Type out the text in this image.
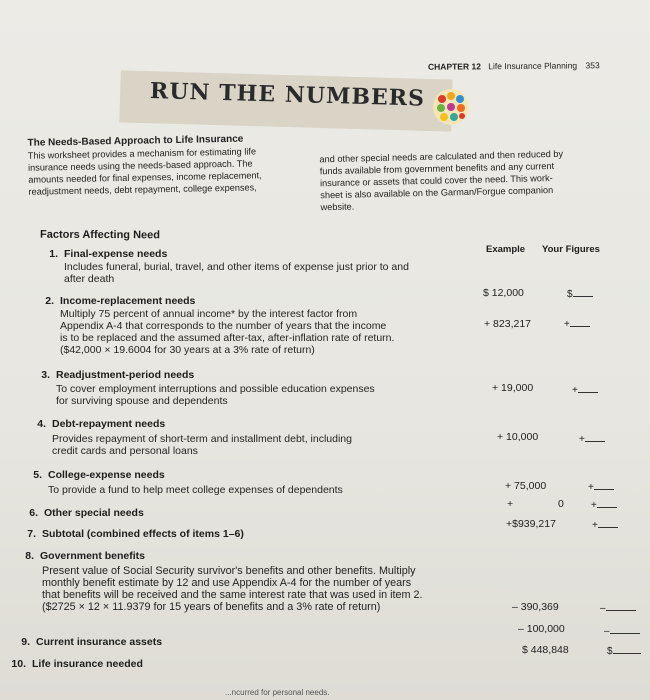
CHAPTER 12 Life Insurance Planning 353
RUN THE NUMBERS
The Needs-Based Approach to Life Insurance
This worksheet provides a mechanism for estimating life
insurance needs using the needs-based approach. The
amounts needed for final expenses, income replacement,
readjustment needs, debt repayment, college expenses,
and other special needs are calculated and then reduced by
funds available from government benefits and any current
insurance or assets that could cover the need. This work-
sheet is also available on the Garman/Forgue companion
website.
Factors Affecting Need
Example Your Figures
1. Final-expense needs
Includes funeral, burial, travel, and other items of expense just prior to and
after death
$ 12,000	$
2. Income-replacement needs
Multiply 75 percent of annual income* by the interest factor from
Appendix A-4 that corresponds to the number of years that the income
is to be replaced and the assumed after-tax, after-inflation rate of return.
($42,000 × 19.6004 for 30 years at a 3% rate of return)
+ 823,217	+
3. Readjustment-period needs
To cover employment interruptions and possible education expenses
for surviving spouse and dependents
+ 19,000	+
4. Debt-repayment needs
Provides repayment of short-term and installment debt, including
credit cards and personal loans
+ 10,000	+
5. College-expense needs
To provide a fund to help meet college expenses of dependents	+ 75,000	+
6. Other special needs
+	0	+
7. Subtotal (combined effects of items 1–6)
+$939,217	+
8. Government benefits
Present value of Social Security survivor's benefits and other benefits. Multiply
monthly benefit estimate by 12 and use Appendix A-4 for the number of years
that benefits will be received and the same interest rate that was used in item 2.
($2725 × 12 × 11.9379 for 15 years of benefits and a 3% rate of return)	– 390,369	–
9. Current insurance assets
– 100,000	–
10. Life insurance needed
$ 448,848	$
...ncurred for personal needs.
